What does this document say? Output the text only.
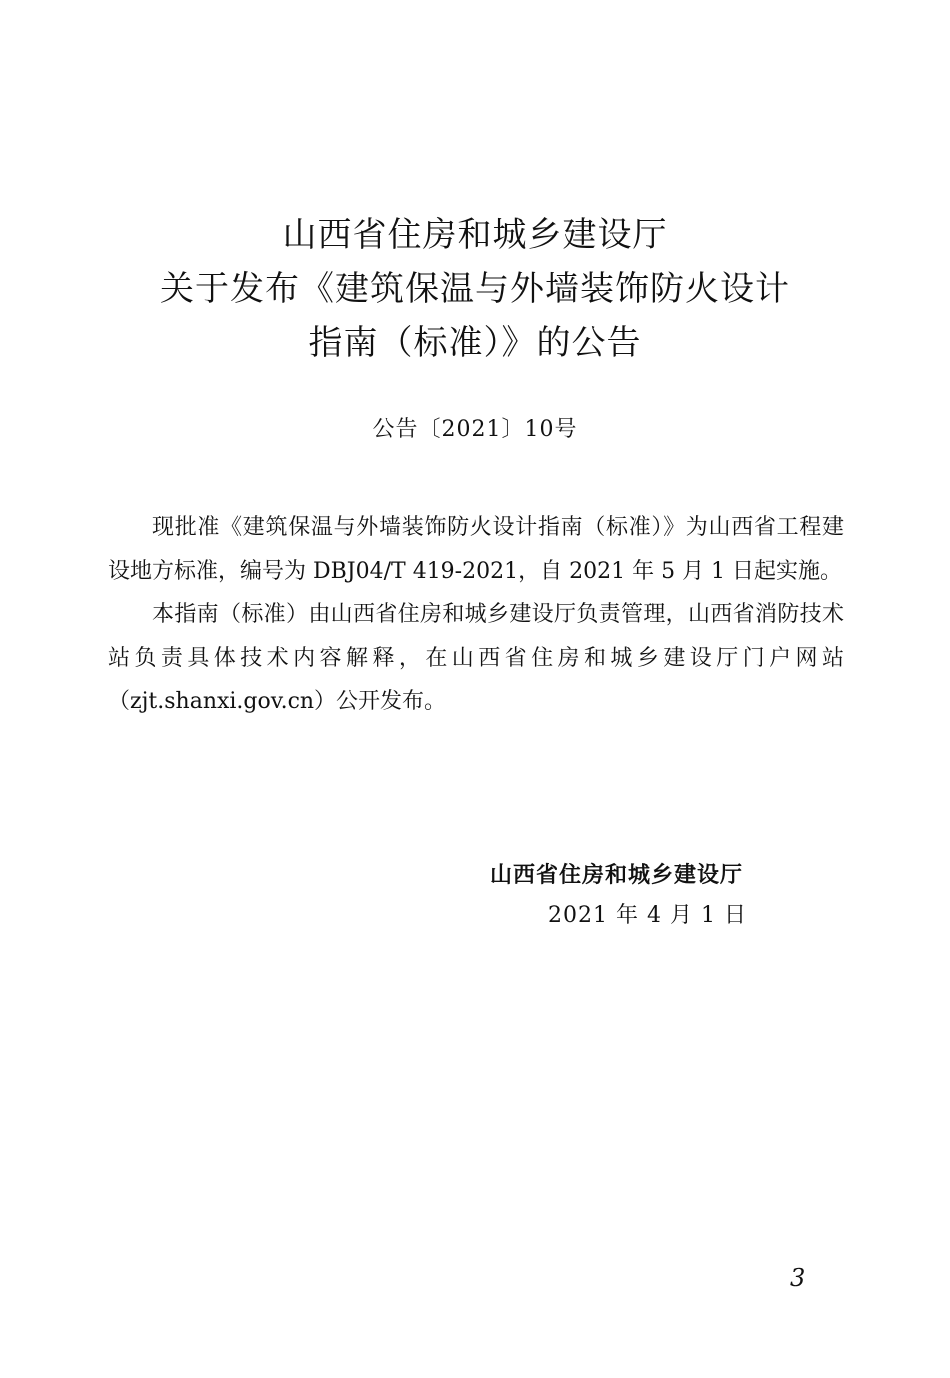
山西省住房和城乡建设厅
关于发布《建筑保温与外墙装饰防火设计
指南（标准）》的公告
公告〔2021〕10号

现批准《建筑保温与外墙装饰防火设计指南（标准）》为山西省工程建设地方标准，编号为 DBJ04/T 419-2021，自 2021 年 5 月 1 日起实施。

本指南（标准）由山西省住房和城乡建设厅负责管理，山西省消防技术站负责具体技术内容解释，在山西省住房和城乡建设厅门户网站（zjt.shanxi.gov.cn）公开发布。

山西省住房和城乡建设厅
2021 年 4 月 1 日
3
